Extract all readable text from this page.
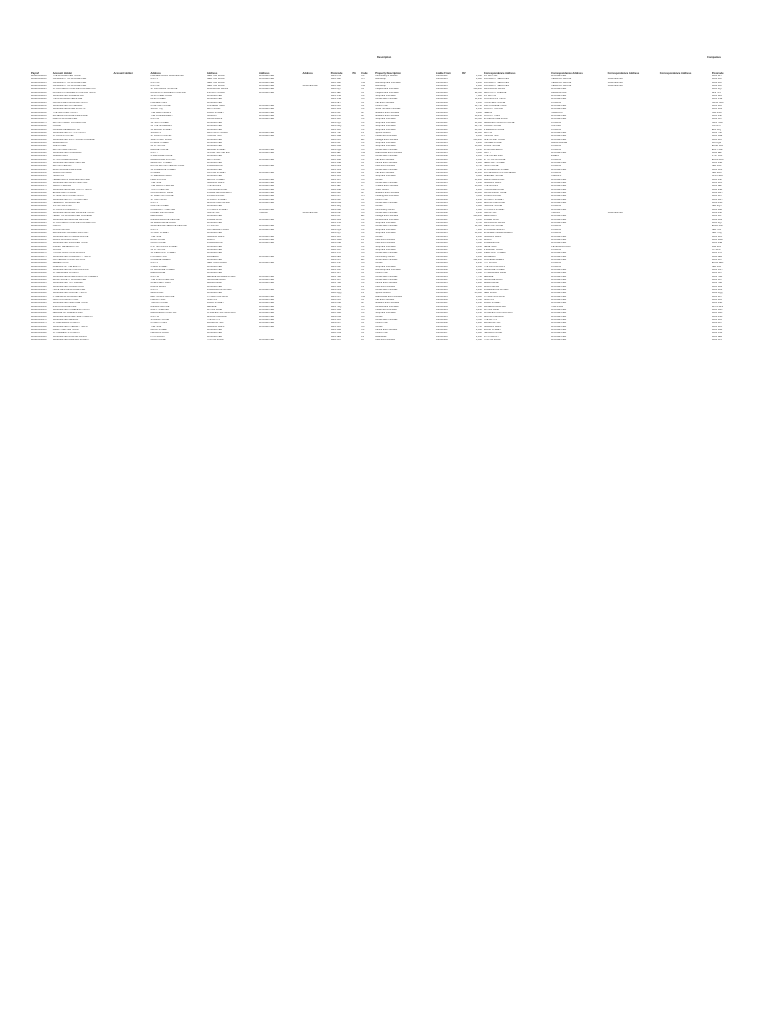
Description	Companies
Payref	Account Holder	Account Holder	Address	Address	Address	Address	Postcode	PA	Code	Property Description	Liable From	RV	Correspondence Address	Correspondence Address	Correspondence Address	Correspondence Address	Postcode
420010000005	THE WORCESTER TRUST		FORMER BOWL WORCESTER	NEWTON ROAD	WORCESTER		WR1 2HS		CS	Community & Leisure	01/04/2011	1,050	PO BOX 123	WORCESTER			WR1 2ZT
420010000010	UNIVERSITY OF WORCESTER		UNIT 1	NEWTON ROAD	WORCESTER		WR5 1LE		CH	Workshop	01/04/2015	4,800	PROPERTY SERVICES	HENWICK GROVE	WORCESTER		WR2 6AJ
420010000015	UNIVERSITY OF WORCESTER		UNIT 2A	NEWTON ROAD	WORCESTER		WR5 1LE		CW	Workshop and Premises	01/04/2015	9,400	PROPERTY SERVICES	HENWICK GROVE	WORCESTER		WR2 6AJ
420010000020	UNIVERSITY OF WORCESTER		UNIT 2B	NEWTON ROAD	WORCESTER	WORCESTER	WR5 1LE		CW	Workshop	01/04/2015	2,900	PROPERTY SERVICES	HENWICK GROVE	WORCESTER		WR2 6AJ
420010000025	ST RICHARDS HOSPICE FOUNDATION		ST RICHARDS HOSPICE	WILDWOOD DRIVE	WORCESTER		WR5 2QT		CL	Hospice and Premises	01/04/2010	148,000	WILDWOOD DRIVE	WORCESTER			WR5 2QT
420010000030	ACORNS CHILDRENS HOSPICE TRUST		ACORNS CHILDRENS HOSPICE	350 BATH ROAD	WORCESTER		WR5 3EZ		CL	Hospice and Premises	01/04/2010	94,500	DRAYCOTT AVENUE	BIRMINGHAM			B29 7JS
420010000035	WORCESTER WOMENS AID		15-16 STEEP ROAD	WORCESTER			WR1 3HB		CS	Shop and Premises	01/04/2014	7,800	PO BOX 64	WORCESTER			WR1 3ZU
420010000040	YMCA WORCESTERSHIRE		80-86 STREET	WORCESTER			WR1 1HE		CO	Offices and Premises	01/04/2012	11,250	COUNCILS & YMCA	WORCESTER			WR1 1HE
420010000045	CROWN WESTMINSTER TRUST		FORMER HALL	WORCESTER			WR1 2EY		CF	Hall and Premises	01/04/2009	3,100	TRUSTEES HOUSE	LONDON			SW1P 3BU
420010000050	WORCESTER CATHEDRAL		CHAPTER HOUSE	COLLEGE YARD	WORCESTER		WR1 2LA		CF	Church Hall	01/04/2010	14,750	10A COLLEGE YARD	WORCESTER			WR1 2LA
420010000055	WORCESTERSHIRE SCOUTS		SCOUT HQ	BATH ROAD	WORCESTER		WR5 3AS		CS	Scout Hut and Premises	01/04/2012	2,350	COUNTY OFFICE	WORCESTER			WR5 3AS
420010000060	THE NATIONAL TRUST		THE GREYFRIARS	FRIAR STREET	WORCESTER		WR1 2LZ		MT	Museum and Premises	01/04/2005	8,900	HEELIS	SWINDON			SN2 2NA
420010000065	MUSEUMS WORCESTERSHIRE		THE COMMANDERY	SIDBURY	WORCESTER		WR1 2HU		MT	Museum and Premises	01/04/2005	19,250	COUNTY HALL	WORCESTER			WR5 2NP
420010000070	AGE UK WORCESTER		UNIT 24	CROWNGATE	WORCESTER		WR1 3LD		CS	Shop and Premises	01/04/2013	26,500	84 PERSHORE ROAD	WORCESTER			WR2 5PH
420010000075	BRITISH HEART FOUNDATION		12 HIGH STREET	WORCESTER			WR1 2QJ		CS	Shop and Premises	01/04/2011	31,000	GREATER LONDON HOUSE	LONDON			NW1 7AW
420010000080	OXFAM		54 THE SHAMBLES	WORCESTER			WR1 2RQ		CS	Shop and Premises	01/04/2011	22,750	OXFAM HOUSE	OXFORD			OX4 2JY
420010000085	CANCER RESEARCH UK		35 BROAD STREET	WORCESTER			WR1 3LR		CS	Shop and Premises	01/04/2012	29,500	2 REDMAN PLACE	LONDON			E20 1JQ
420010000090	WORCESTER CITY FC TRUST		SIXWAYS	DROITWICH ROAD	WORCESTER		WR3 7SZ		LS	Sports Ground	01/04/2016	12,000	BOX 33	WORCESTER			WR3 7SZ
420010000095	ST PAULS HOSTEL		ST PAULS HOSTEL	TALLOW HILL	WORCESTER		WR5 1DE		CH	Hostel and Premises	01/04/2007	9,850	TALLOW HILL	WORCESTER			WR5 1DE
420010000100	WORCESTER SIXTH FORM COLLEGE		SPETCHLEY ROAD	WORCESTER			WR5 2LU		ED	College and Premises	01/04/2010	310,000	SPETCHLEY ROAD	WORCESTER			WR5 2LU
420010000105	BARNARDOS		8 FRIAR STREET	WORCESTER			WR1 2LZ		CS	Shop and Premises	01/04/2013	9,200	TANNERS LANE	BARKINGSIDE			IG6 1QG
420010000110	SUE RYDER		41 ST JOHNS	WORCESTER			WR2 5AG		CS	Shop and Premises	01/04/2014	10,600	KINGS HOUSE	LONDON			EC4R 1LB
420010000115	BRITISH RED CROSS		BRIDGE HOUSE	BRIDGE STREET	WORCESTER		WR1 2QA		CO	Offices and Premises	01/04/2009	6,450	44 MOORFIELDS	LONDON			EC2Y 9AL
420010000120	WORCESTER FOODBANK		UNIT 7	SHRUB HILL IND EST	WORCESTER		WR4 9EL		CW	Warehouse and Premises	01/04/2015	5,300	UNIT 7	WORCESTER			WR4 9EL
420010000125	SAMARITANS		9 SANSOME PLACE	WORCESTER			WR1 1UA		CO	Offices and Premises	01/04/2008	4,100	THE UPPER MILL	EWELL			KT17 2AF
420010000130	ST JOHN AMBULANCE		AMBULANCE STATION	BATH ROAD	WORCESTER		WR5 3AB		CS	Hall and Premises	01/04/2010	3,650	27 ST JOHNS LANE	LONDON			EC1M 4BU
420010000135	WORCESTER DEAF CENTRE		NEWPORT STREET	WORCESTER			WR1 3NR		CF	Centre and Premises	01/04/2011	2,900	NEWPORT STREET	WORCESTER			WR1 3NR
420010000140	BRITISH LEGION		ROYAL BRITISH LEGION CLUB	LOWESMOOR	WORCESTER		WR1 2RS		LC	Club and Premises	01/04/2006	8,750	HAIG HOUSE	LONDON			SE1 1AA
420010000145	MIND WORCESTERSHIRE		31 FOREGATE STREET	WORCESTER			WR1 1DS		CO	Offices and Premises	01/04/2012	7,150	31 FOREGATE STREET	WORCESTER			WR1 1DS
420010000150	SALVATION ARMY		CITADEL	CASTLE STREET	WORCESTER		WR1 3AD		CF	Hall and Premises	01/04/2005	11,400	101 NEWINGTON CAUSEWAY	LONDON			SE1 6BN
420010000155	TENOVUS		17 MERMAID WALK	WORCESTER			WR1 3LG		CS	Shop and Premises	01/04/2016	6,800	GLEIDER HOUSE	CARDIFF			CF14 5BD
420010000160	HEREFORD & WORCESTER FIRE		FIRE STATION	BROOK STREET	WORCESTER		WR1 1LH		CO	Offices	01/04/2010	13,200	PERSHORE ROAD	WORCESTER			WR5 2NP
420010000165	WORCESTER MUSIC FESTIVAL		THE HIVE	SAWMILL WALK	WORCESTER		WR1 3PD		CO	Offices and Premises	01/04/2015	1,950	SAWMILL WALK	WORCESTER			WR1 3PD
420010000170	SWAN THEATRE		THE SWAN THEATRE	THE MOORS	WORCESTER		WR1 3EF		LT	Theatre and Premises	01/04/2007	36,000	THE MOORS	WORCESTER			WR1 3EF
420010000175	WORCESTERSHIRE YOUTH TRUST		YOUTH CENTRE	TOLLADINE ROAD	WORCESTER		WR4 9NB		CS	Youth Centre	01/04/2011	4,400	TOLLADINE ROAD	WORCESTER			WR4 9NB
420010000180	ELGAR BIRTHPLACE		CROWN EAST LANE	LOWER BROADHEATH	WORCESTER		WR2 6RH		MT	Museum and Premises	01/04/2005	10,900	CROWN EAST LANE	WORCESTER			WR2 6RH
420010000185	ST MARTINS HOUSE TRUST		ST MARTINS HOUSE	LONDON ROAD	WORCESTER		WR5 2DY		CH	Housing and Premises	01/04/2009	5,100	LONDON ROAD	WORCESTER			WR5 2DY
420010000190	WORCESTER CITY CHURCHES		ST SWITHUNS	CHURCH STREET	WORCESTER		WR1 2RH		CF	Church Hall	01/04/2006	2,450	CHURCH STREET	WORCESTER			WR1 2RH
420010000195	HEADWAY WORCESTER		UNIT 3	BLACKPOLE IND EST	WORCESTER		WR3 8SG		CO	Offices and Premises	01/04/2014	8,200	BLACKPOLE ROAD	WORCESTER			WR3 8SG
420010000200	VICTIM SUPPORT		CASTLE STREET	WORCESTER			WR1 3ZQ		CO	Offices	01/04/2012	3,800	HALLAM HOUSE	LONDON			SE1 8QH
420010000205	ST PAULS COMMUNITY		COMMUNITY CENTRE	ST PAULS STREET	WORCESTER		WR1 2BA		CS	Community Centre	01/04/2013	1,600	ST PAULS STREET	WORCESTER			WR1 2BA
420010000210	WORCESTERSHIRE WILDLIFE TRUST		LOWER SMITE FARM	SMITE HILL	HINDLIP	WORCESTER	WR3 8SZ		CO	Offices and Premises	01/04/2008	9,450	SMITE HILL	HINDLIP	WORCESTER		WR3 8SZ
420010000215	HEART OF WORCESTER COLLEGE		DEANSWAY	WORCESTER			WR1 2JF		ED	College and Premises	01/04/2010	420,000	DEANSWAY	WORCESTER			WR1 2JF
420010000220	WORCESTER RESCUE CENTRE		ANIMAL RESCUE CENTRE	LOWER WICK	WORCESTER		WR2 4BS		CS	Kennels and Premises	01/04/2011	6,100	LOWER WICK	WORCESTER			WR2 4BS
420010000225	ST RICHARDS HOSPICE FOUNDATION		42 BARBOURNE ROAD	WORCESTER			WR1 1HU		CS	Shop and Premises	01/04/2016	8,700	WILDWOOD DRIVE	WORCESTER			WR5 2QT
420010000230	NSPCC		WORCESTER SERVICE CENTRE	ST JOHNS	WORCESTER		WR2 5AT		CO	Offices and Premises	01/04/2012	12,500	WESTON HOUSE	LONDON			EC2A 3NH
420010000235	CHRISTIAN AID		UNIT 9	CATHEDRAL PLAZA	WORCESTER		WR1 2QS		CS	Shop and Premises	01/04/2013	7,400	35 LOWER MARSH	LONDON			SE1 7RL
420010000240	MACMILLAN CANCER SUPPORT		3 PUMP STREET	WORCESTER			WR1 2QT		CS	Shop and Premises	01/04/2015	13,100	89 ALBERT EMBANKMENT	LONDON			SE1 7UQ
420010000245	WORCESTER CITIZENS ADVICE		THE HIVE	SAWMILL WALK	WORCESTER		WR1 3PD		CO	Offices	01/04/2015	4,950	SAWMILL WALK	WORCESTER			WR1 3PD
420010000250	DIGLIS ROWING CLUB		BOATHOUSE	DIGLIS	WORCESTER		WR5 3BW		LS	Club and Premises	01/04/2009	2,700	DIGLIS	WORCESTER			WR5 3BW
420010000255	WORCESTER SNOOKER TRUST		CLUB HOUSE	LOWESMOOR	WORCESTER		WR1 2SE		LC	Club and Premises	01/04/2010	5,850	LOWESMOOR	WORCESTER			WR1 2SE
420010000260	KIDNEY RESEARCH UK		6 ST NICHOLAS STREET	WORCESTER			WR1 1UW		CS	Shop and Premises	01/04/2014	6,350	NENE HALL	PETERBOROUGH			PE2 6FZ
420010000265	SCOPE		52 ST JOHNS	WORCESTER			WR2 5AJ		CS	Shop and Premises	01/04/2011	5,900	6 MARKET ROAD	LONDON			N7 9PW
420010000270	YOUNG SOLUTIONS WORCS		15 PIERPOINT STREET	WORCESTER			WR1 1TA		CO	Offices and Premises	01/04/2013	3,300	PIERPOINT STREET	WORCESTER			WR1 1TA
420010000275	WORCESTER COMMUNITY TRUST		LYPPARD HUB	RIDGEWAY	WORCESTER		WR4 0EN		CS	Community Centre	01/04/2012	3,950	RIDGEWAY	WORCESTER			WR4 0EN
420010000280	CATHEDRAL CHOIR SCHOOL		COLLEGE GREEN	WORCESTER			WR1 2LH		ED	School and Premises	01/04/2007	122,000	COLLEGE GREEN	WORCESTER			WR1 2LH
420010000285	DEMENTIA UK		UNIT 4	NEWTOWN ROAD	WORCESTER		WR5 1HF		CO	Offices	01/04/2016	2,250	7TH FLOOR	LONDON			EC3N 2ED
420010000290	FRIENDS OF THE EARTH		5 NEW STREET	WORCESTER			WR1 2DP		CS	Shop and Premises	01/04/2010	4,050	THE PRINTWORKS	LONDON			SE1 1AF
420010000295	WORCESTER ARTS WORKSHOP		21 SANSOME STREET	WORCESTER			WR1 1UH		CF	Workshop and Premises	01/04/2008	8,600	SANSOME STREET	WORCESTER			WR1 1UH
420010000300	ST GEORGES CHURCH		BARBOURNE	WORCESTER			WR1 1RT		CF	Church Hall	01/04/2009	1,850	ST GEORGES LANE	WORCESTER			WR1 1RT
420010000305	WORCESTERSHIRE ASSOC OF CARERS		UNIT 10	BEVERE BUSINESS PARK	WORCESTER		WR3 7RB		CO	Offices and Premises	01/04/2014	7,750	BEVERE	WORCESTER			WR3 7RB
420010000310	BLIND SOCIETY WORCESTER		THE VISION CENTRE	SANSOME WALK	WORCESTER		WR1 1LX		CO	Offices and Premises	01/04/2011	6,700	SANSOME WALK	WORCESTER			WR1 1LX
420010000315	WORCESTER TOY LIBRARY		GHELUVELT PARK	BARBOURNE	WORCESTER		WR3 7BA		CS	Centre and Premises	01/04/2015	1,200	BARBOURNE	WORCESTER			WR3 7BA
420010000320	WORCESTER CANOE CLUB		DIGLIS BASIN	WORCESTER			WR5 3BS		LS	Club and Premises	01/04/2012	2,100	DIGLIS BASIN	WORCESTER			WR5 3BS
420010000325	HOPE CENTRE WORCESTER		UNIT 2	LOWESMOOR WHARF	WORCESTER		WR1 2RS		CO	Offices and Premises	01/04/2016	3,450	LOWESMOOR WHARF	WORCESTER			WR1 2RS
420010000330	WORCESTER CRICKET TRUST		NEW ROAD	WORCESTER			WR2 4QQ		LS	Sports Ground	01/04/2010	85,000	NEW ROAD	WORCESTER			WR2 4QQ
420010000335	CYRENIANS WORCESTER		RECYCLING CENTRE	ST MARTINS GATE	WORCESTER		WR1 2DT		CW	Warehouse and Premises	01/04/2013	9,900	ST MARTINS GATE	WORCESTER			WR1 2DT
420010000340	NORTON PARISH HALL		PARISH HALL	NORTON	WORCESTER		WR5 2PA		CF	Hall and Premises	01/04/2006	1,550	NORTON	WORCESTER			WR5 2PA
420010000345	WORCESTER HERITAGE TRUST		TUDOR HOUSE	FRIAR STREET	WORCESTER		WR1 2NA		MT	Museum and Premises	01/04/2011	4,350	FRIAR STREET	WORCESTER			WR1 2NA
420010000350	RSPCA WORCESTER		ANIMAL CENTRE	BEVERE	WORCESTER		WR3 7RQ		CS	Kennels and Premises	01/04/2009	7,050	WILBERFORCE WAY	HORSHAM			RH13 9RS
420010000355	WORCESTER HOMELESS TRUST		NIGHT SHELTER	WYLDS LANE	WORCESTER		WR5 1DN		CH	Hostel and Premises	01/04/2014	6,250	WYLDS LANE	WORCESTER			WR5 1DN
420010000360	LEAGUE OF FRIENDS WRH		ALEXANDRA HOSPITAL	CHARLES HASTINGS WAY	WORCESTER		WR5 1DD		CS	Shop and Premises	01/04/2010	3,150	CHARLES HASTINGS WAY	WORCESTER			WR5 1DD
420010000365	WORCESTERSHIRE HEALTHWATCH		UNIT 11	BLACKPOLE EAST	WORCESTER		WR3 8SG		CO	Offices	01/04/2015	3,700	BLACKPOLE EAST	WORCESTER			WR3 8SG
420010000370	WORCESTER MENCAP		STRAND HOUSE	THE BUTTS	WORCESTER		WR1 3PA		CO	Offices and Premises	01/04/2012	5,550	THE BUTTS	WORCESTER			WR1 3PA
420010000375	ST BARNABAS CHURCH		CHURCH HALL	RAINBOW HILL	WORCESTER		WR3 8LX		CF	Church Hall	01/04/2008	1,400	RAINBOW HILL	WORCESTER			WR3 8LX
420010000380	WORCESTER LITERARY TRUST		THE HIVE	SAWMILL WALK	WORCESTER		WR1 3PD		CO	Offices	01/04/2016	1,750	SAWMILL WALK	WORCESTER			WR1 3PD
420010000385	FAMILY CENTRE TRUST		MOOR STREET	WORCESTER			WR1 3DB		CS	Centre and Premises	01/04/2011	2,650	MOOR STREET	WORCESTER			WR1 3DB
420010000390	ST CLEMENTS CHURCH		HENWICK ROAD	WORCESTER			WR2 5NS		CF	Church Hall	01/04/2007	1,300	HENWICK ROAD	WORCESTER			WR2 5NS
420010000395	WORCESTER ROWING ASSOC		PITCHCROFT	WORCESTER			WR1 3EN		LS	Boathouse	01/04/2010	2,950	PITCHCROFT	WORCESTER			WR1 3EN
420010000400	WORCESTER ANGLING SOCIETY		CLUB HOUSE	HYLTON ROAD	WORCESTER		WR2 5JS		LC	Club and Premises	01/04/2009	1,650	HYLTON ROAD	WORCESTER			WR2 5JS
